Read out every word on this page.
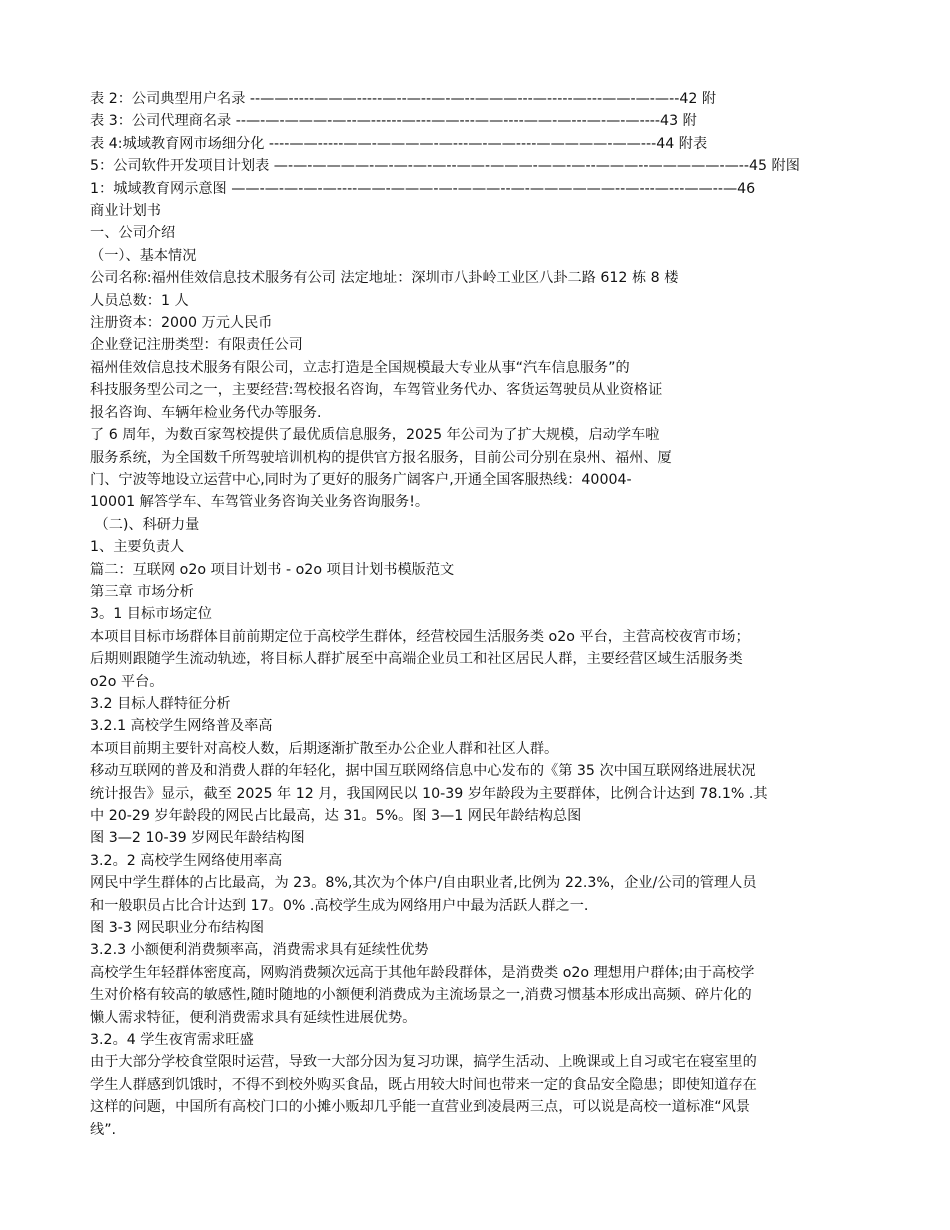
表 2：公司典型用户名录 --——-----———-----—--—--—-—--———---—-----—---——-—-—--42 附
表 3：公司代理商名录 --—-—-———-—--—------—---——---——----——-—---—-—-—----43 附
表 4:城域教育网市场细分化 ----——-----——-————-—---—-——----—————-——---44 附表
5：公司软件开发项目计划表 —-—-————-—-—-—-—--——-———-——-—--———--—————-—--45 附图
1：城域教育网示意图 ——-—-—-—-—----——-———-—-———--—-——————--—---—---——--—46
商业计划书
一、公司介绍
（一）、基本情况
公司名称:福州佳效信息技术服务有公司 法定地址：深圳市八卦岭工业区八卦二路 612 栋 8 楼
人员总数：1 人
注册资本：2000 万元人民币
企业登记注册类型：有限责任公司
福州佳效信息技术服务有限公司，立志打造是全国规模最大专业从事“汽车信息服务”的
科技服务型公司之一，主要经营:驾校报名咨询，车驾管业务代办、客货运驾驶员从业资格证
报名咨询、车辆年检业务代办等服务.
了 6 周年，为数百家驾校提供了最优质信息服务，2025 年公司为了扩大规模，启动学车啦
服务系统，为全国数千所驾驶培训机构的提供官方报名服务，目前公司分别在泉州、福州、厦
门、宁波等地设立运营中心,同时为了更好的服务广阔客户,开通全国客服热线：40004-
10001 解答学车、车驾管业务咨询关业务咨询服务!。
（二)、科研力量
1、主要负责人
篇二：互联网 o2o 项目计划书 - o2o 项目计划书模版范文
第三章 市场分析
3。1 目标市场定位
本项目目标市场群体目前前期定位于高校学生群体，经营校园生活服务类 o2o 平台，主营高校夜宵市场；
后期则跟随学生流动轨迹，将目标人群扩展至中高端企业员工和社区居民人群，主要经营区域生活服务类
o2o 平台。
3.2 目标人群特征分析
3.2.1 高校学生网络普及率高
本项目前期主要针对高校人数，后期逐渐扩散至办公企业人群和社区人群。
移动互联网的普及和消费人群的年轻化，据中国互联网络信息中心发布的《第 35 次中国互联网络进展状况
统计报告》显示，截至 2025 年 12 月，我国网民以 10-39 岁年龄段为主要群体，比例合计达到 78.1% .其
中 20-29 岁年龄段的网民占比最高，达 31。5%。图 3—1 网民年龄结构总图
图 3—2 10-39 岁网民年龄结构图
3.2。2 高校学生网络使用率高
网民中学生群体的占比最高，为 23。8%,其次为个体户/自由职业者,比例为 22.3%，企业/公司的管理人员
和一般职员占比合计达到 17。0% .高校学生成为网络用户中最为活跃人群之一.
图 3-3 网民职业分布结构图
3.2.3 小额便利消费频率高，消费需求具有延续性优势
高校学生年轻群体密度高，网购消费频次远高于其他年龄段群体，是消费类 o2o 理想用户群体;由于高校学
生对价格有较高的敏感性,随时随地的小额便利消费成为主流场景之一,消费习惯基本形成出高频、碎片化的
懒人需求特征，便利消费需求具有延续性进展优势。
3.2。4 学生夜宵需求旺盛
由于大部分学校食堂限时运营，导致一大部分因为复习功课，搞学生活动、上晚课或上自习或宅在寝室里的
学生人群感到饥饿时，不得不到校外购买食品，既占用较大时间也带来一定的食品安全隐患；即使知道存在
这样的问题，中国所有高校门口的小摊小贩却几乎能一直营业到凌晨两三点，可以说是高校一道标准“风景
线”.
